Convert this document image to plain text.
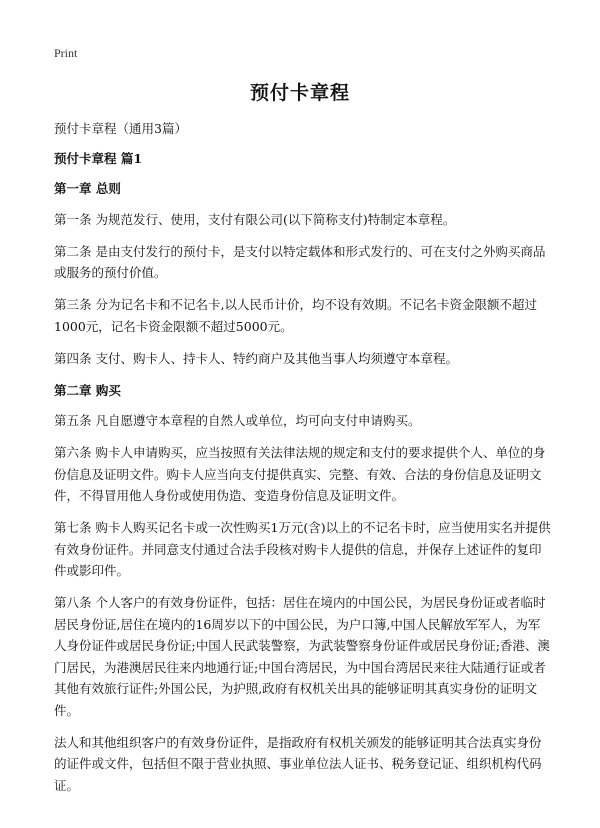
Print
预付卡章程

预付卡章程（通用3篇）

预付卡章程 篇1

第一章 总则

第一条 为规范发行、使用，支付有限公司(以下简称支付)特制定本章程。

第二条 是由支付发行的预付卡，是支付以特定载体和形式发行的、可在支付之外购买商品或服务的预付价值。

第三条 分为记名卡和不记名卡,以人民币计价，均不设有效期。不记名卡资金限额不超过1000元，记名卡资金限额不超过5000元。

第四条 支付、购卡人、持卡人、特约商户及其他当事人均须遵守本章程。

第二章 购买

第五条 凡自愿遵守本章程的自然人或单位，均可向支付申请购买。

第六条 购卡人申请购买，应当按照有关法律法规的规定和支付的要求提供个人、单位的身份信息及证明文件。购卡人应当向支付提供真实、完整、有效、合法的身份信息及证明文件，不得冒用他人身份或使用伪造、变造身份信息及证明文件。

第七条 购卡人购买记名卡或一次性购买1万元(含)以上的不记名卡时，应当使用实名并提供有效身份证件。并同意支付通过合法手段核对购卡人提供的信息，并保存上述证件的复印件或影印件。

第八条 个人客户的有效身份证件，包括：居住在境内的中国公民，为居民身份证或者临时居民身份证,居住在境内的16周岁以下的中国公民，为户口簿,中国人民解放军军人，为军人身份证件或居民身份证;中国人民武装警察，为武装警察身份证件或居民身份证;香港、澳门居民，为港澳居民往来内地通行证;中国台湾居民，为中国台湾居民来往大陆通行证或者其他有效旅行证件;外国公民，为护照,政府有权机关出具的能够证明其真实身份的证明文件。

法人和其他组织客户的有效身份证件，是指政府有权机关颁发的能够证明其合法真实身份的证件或文件，包括但不限于营业执照、事业单位法人证书、税务登记证、组织机构代码证。
